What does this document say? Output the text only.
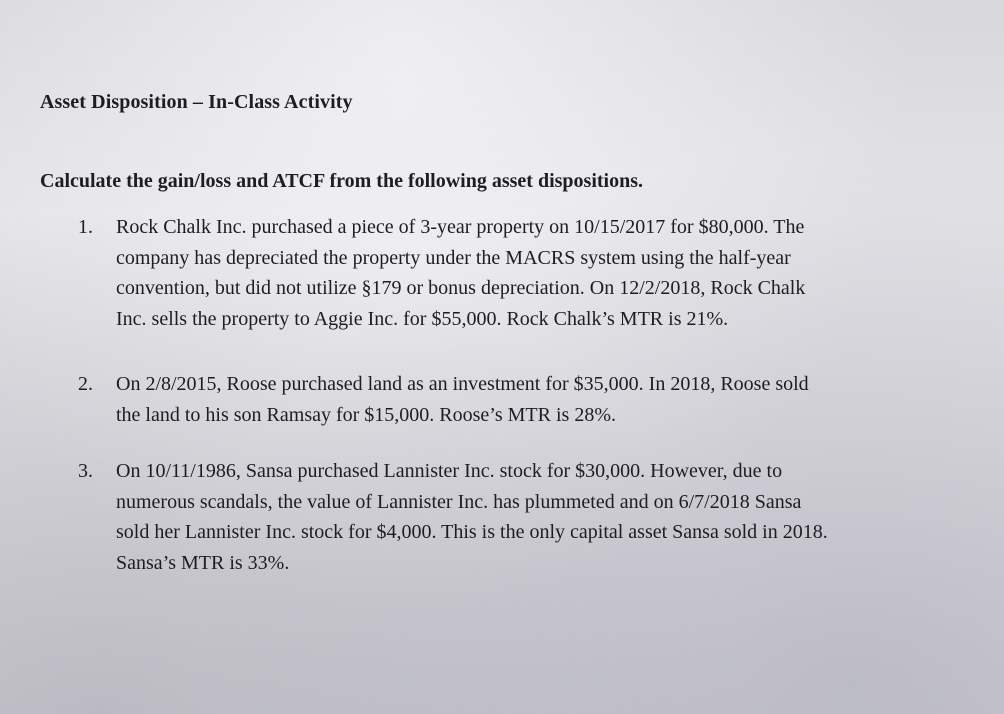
Asset Disposition – In-Class Activity
Calculate the gain/loss and ATCF from the following asset dispositions.
1.	Rock Chalk Inc. purchased a piece of 3-year property on 10/15/2017 for $80,000. The
company has depreciated the property under the MACRS system using the half-year
convention, but did not utilize §179 or bonus depreciation. On 12/2/2018, Rock Chalk
Inc. sells the property to Aggie Inc. for $55,000. Rock Chalk’s MTR is 21%.
2.	On 2/8/2015, Roose purchased land as an investment for $35,000. In 2018, Roose sold
the land to his son Ramsay for $15,000. Roose’s MTR is 28%.
3.	On 10/11/1986, Sansa purchased Lannister Inc. stock for $30,000. However, due to
numerous scandals, the value of Lannister Inc. has plummeted and on 6/7/2018 Sansa
sold her Lannister Inc. stock for $4,000. This is the only capital asset Sansa sold in 2018.
Sansa’s MTR is 33%.
